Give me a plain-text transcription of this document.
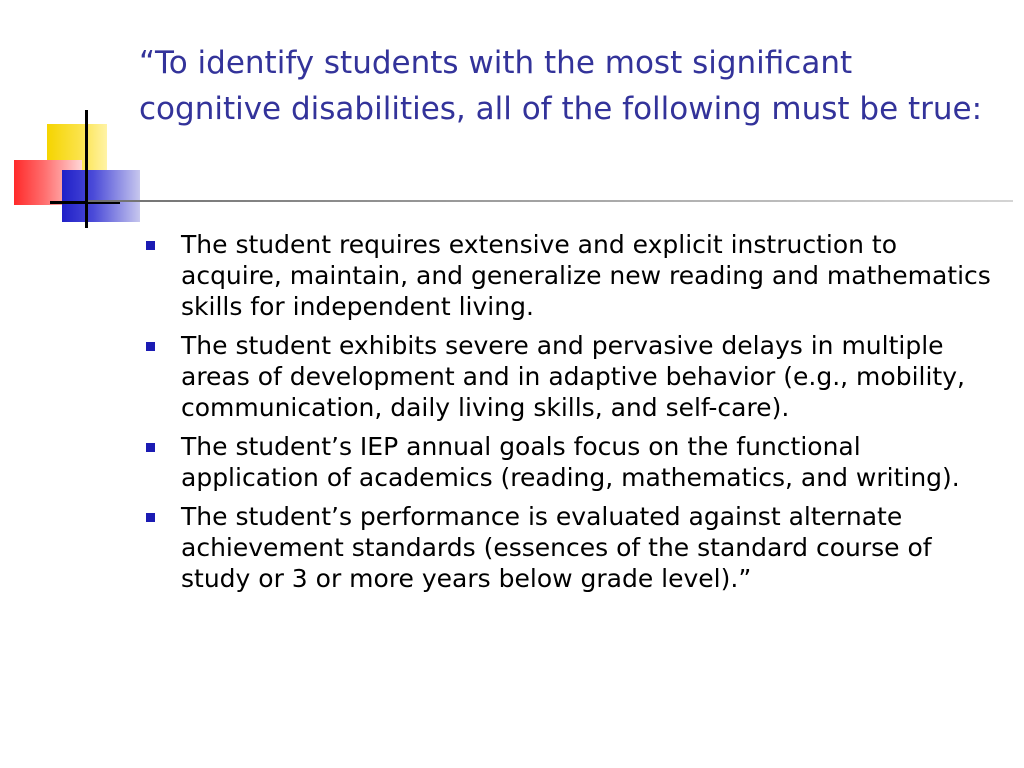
“To identify students with the most significant cognitive disabilities, all of the following must be true:
The student requires extensive and explicit instruction to acquire, maintain, and generalize new reading and mathematics skills for independent living.
The student exhibits severe and pervasive delays in multiple areas of development and in adaptive behavior (e.g., mobility, communication, daily living skills, and self-care).
The student’s IEP annual goals focus on the functional application of academics (reading, mathematics, and writing).
The student’s performance is evaluated against alternate achievement standards (essences of the standard course of study or 3 or more years below grade level).”
